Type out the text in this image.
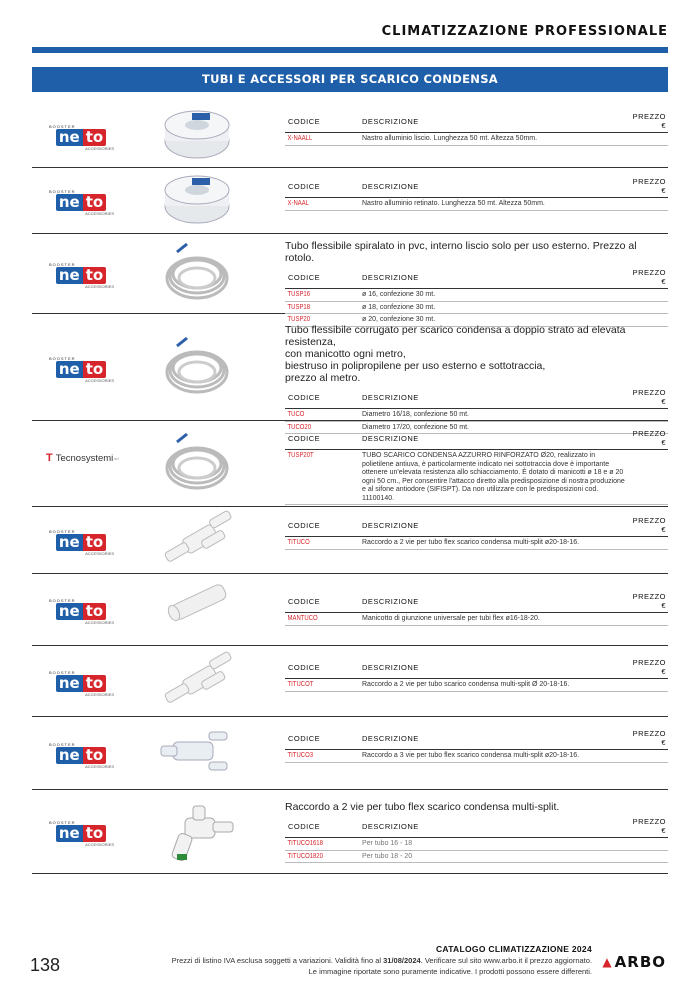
CLIMATIZZAZIONE PROFESSIONALE
TUBI E ACCESSORI PER SCARICO CONDENSA
BOOSTER
ne to
ACCESSORIES
CODICE	DESCRIZIONE	PREZZO €
X-NAALL	Nastro alluminio liscio. Lunghezza 50 mt. Altezza 50mm.	
BOOSTER
ne to
ACCESSORIES
CODICE	DESCRIZIONE	PREZZO €
X-NAAL	Nastro alluminio retinato. Lunghezza 50 mt. Altezza 50mm.	
BOOSTER
ne to
ACCESSORIES
Tubo flessibile spiralato in pvc, interno liscio solo per uso esterno. Prezzo al rotolo.
CODICE	DESCRIZIONE	PREZZO €
TUSP16	ø 16, confezione 30 mt.	
TUSP18	ø 18, confezione 30 mt.	
TUSP20	ø 20, confezione 30 mt.	
BOOSTER
ne to
ACCESSORIES
Tubo flessibile corrugato per scarico condensa a doppio strato ad elevata resistenza,
con manicotto ogni metro,
biestruso in polipropilene per uso esterno e sottotraccia,
prezzo al metro.
CODICE	DESCRIZIONE	PREZZO €
TUCO	Diametro 16/18, confezione 50 mt.	
TUCO20	Diametro 17/20, confezione 50 mt.	
T Tecnosystemi srl
CODICE	DESCRIZIONE	PREZZO €
TUSP20T	TUBO SCARICO CONDENSA AZZURRO RINFORZATO Ø20, realizzato in polietilene antiuva, è particolarmente indicato nei sottotraccia dove è importante ottenere un'elevata resistenza allo schiacciamento. È dotato di manicotti ø 18 e ø 20 ogni 50 cm., Per consentire l'attacco diretto alla predisposizione di nostra produzione e al sifone antiodore (SIFISPT). Da non utilizzare con le predisposizioni cod. 11100140.	
BOOSTER
ne to
ACCESSORIES
CODICE	DESCRIZIONE	PREZZO €
TITUCO	Raccordo a 2 vie per tubo flex scarico condensa multi-split ø20-18-16.	
BOOSTER
ne to
ACCESSORIES
CODICE	DESCRIZIONE	PREZZO €
MANTUCO	Manicotto di giunzione universale per tubi flex ø16-18-20.	
BOOSTER
ne to
ACCESSORIES
CODICE	DESCRIZIONE	PREZZO €
TITUCOT	Raccordo a 2 vie per tubo scarico condensa multi-split Ø 20-18-16.	
BOOSTER
ne to
ACCESSORIES
CODICE	DESCRIZIONE	PREZZO €
TITUCO3	Raccordo a 3 vie per tubo flex scarico condensa multi-split ø20-18-16.	
BOOSTER
ne to
ACCESSORIES
Raccordo a 2 vie per tubo flex scarico condensa multi-split.
CODICE	DESCRIZIONE	PREZZO €
TITUCO1618	Per tubo 16 - 18	
TITUCO1820	Per tubo 18 - 20	
138
CATALOGO CLIMATIZZAZIONE 2024
Prezzi di listino IVA esclusa soggetti a variazioni. Validità fino al 31/08/2024. Verificare sul sito www.arbo.it il prezzo aggiornato.
Le immagine riportate sono puramente indicative. I prodotti possono essere differenti.
▲ ARBO
